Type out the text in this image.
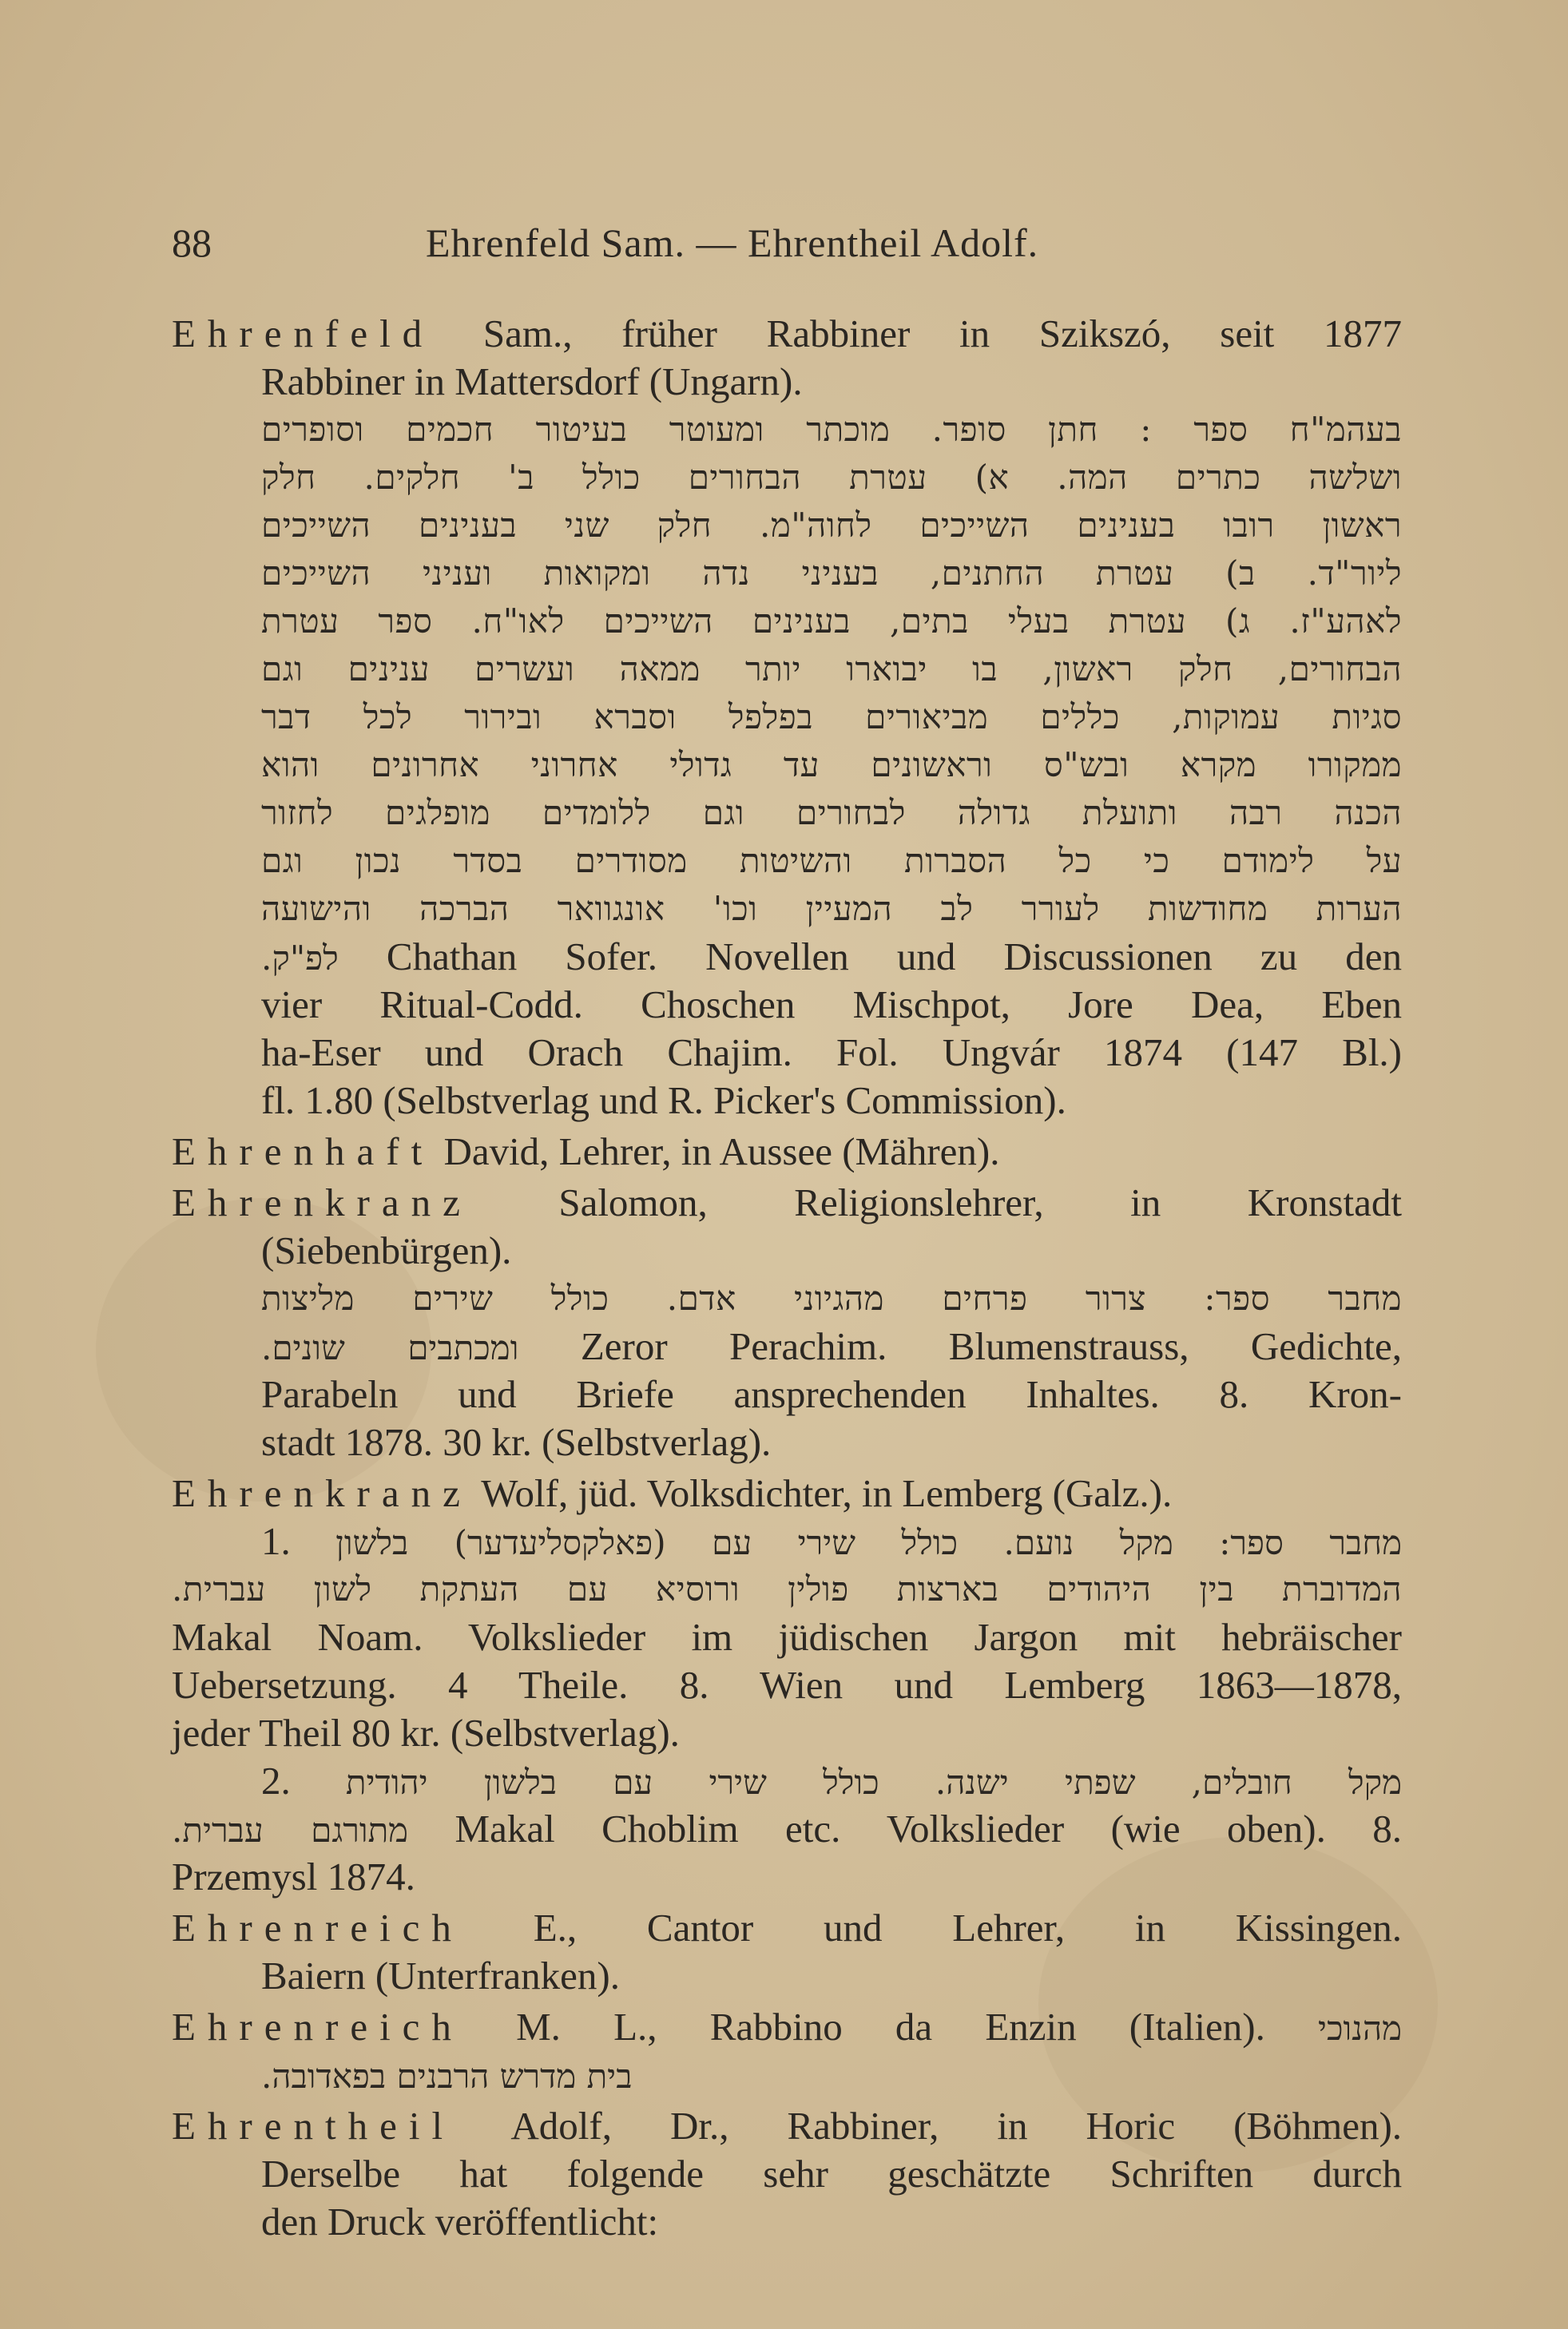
88	Ehrenfeld Sam. — Ehrentheil Adolf.
Ehrenfeld Sam., früher Rabbiner in Szikszó, seit 1877
Rabbiner in Mattersdorf (Ungarn).
בעהמ"ח ספר : חתן סופר. מוכתר ומעוטר בעיטור חכמים וסופרים
ושלשה כתרים המה. א) עטרת הבחורים כולל ב' חלקים. חלק
ראשון רובו בענינים השייכים לחוה"מ. חלק שני בענינים השייכים
ליור"ד. ב) עטרת החתנים, בעניני נדה ומקואות ועניני השייכים
לאהע"ז. ג) עטרת בעלי בתים, בענינים השייכים לאו"ח. ספר עטרת
הבחורים, חלק ראשון, בו יבוארו יותר ממאה ועשרים ענינים וגם
סגיות עמוקות, כללים מביאורים בפלפל וסברא ובירור לכל דבר
ממקורו מקרא ובש"ס וראשונים עד גדולי אחרוני אחרונים והוא
הכנה רבה ותועלת גדולה לבחורים וגם ללומדים מופלגים לחזור
על לימודם כי כל הסברות והשיטות מסודרים בסדר נכון וגם
הערות מחודשות לעורר לב המעיין וכו' אונגוואר הברכה והישועה
לפ"ק. Chathan Sofer. Novellen und Discussionen zu den
vier Ritual-Codd. Choschen Mischpot, Jore Dea, Eben
ha-Eser und Orach Chajim. Fol. Ungvár 1874 (147 Bl.)
fl. 1.80 (Selbstverlag und R. Picker's Commission).
Ehrenhaft David, Lehrer, in Aussee (Mähren).
Ehrenkranz Salomon, Religionslehrer, in Kronstadt
(Siebenbürgen).
מחבר ספר: צרור פרחים מהגיוני אדם. כולל שירים מליצות
ומכתבים שונים. Zeror Perachim. Blumenstrauss, Gedichte,
Parabeln und Briefe ansprechenden Inhaltes. 8. Kron-
stadt 1878. 30 kr. (Selbstverlag).
Ehrenkranz Wolf, jüd. Volksdichter, in Lemberg (Galz.).
1. מחבר ספר: מקל נועם. כולל שירי עם (פאלקסליעדער) בלשון
המדוברת בין היהודים בארצות פולין ורוסיא עם העתקת לשון עברית.
Makal Noam. Volkslieder im jüdischen Jargon mit hebräischer
Uebersetzung. 4 Theile. 8. Wien und Lemberg 1863—1878,
jeder Theil 80 kr. (Selbstverlag).
2. מקל חובלים, שפתי ישנה. כולל שירי עם בלשון יהודית
מתורגם עברית. Makal Choblim etc. Volkslieder (wie oben). 8.
Przemysl 1874.
Ehrenreich E., Cantor und Lehrer, in Kissingen.
Baiern (Unterfranken).
Ehrenreich M. L., Rabbino da Enzin (Italien). מהנוכי
בית מדרש הרבנים בפאדובה.
Ehrentheil Adolf, Dr., Rabbiner, in Horic (Böhmen).
Derselbe hat folgende sehr geschätzte Schriften durch
den Druck veröffentlicht:
